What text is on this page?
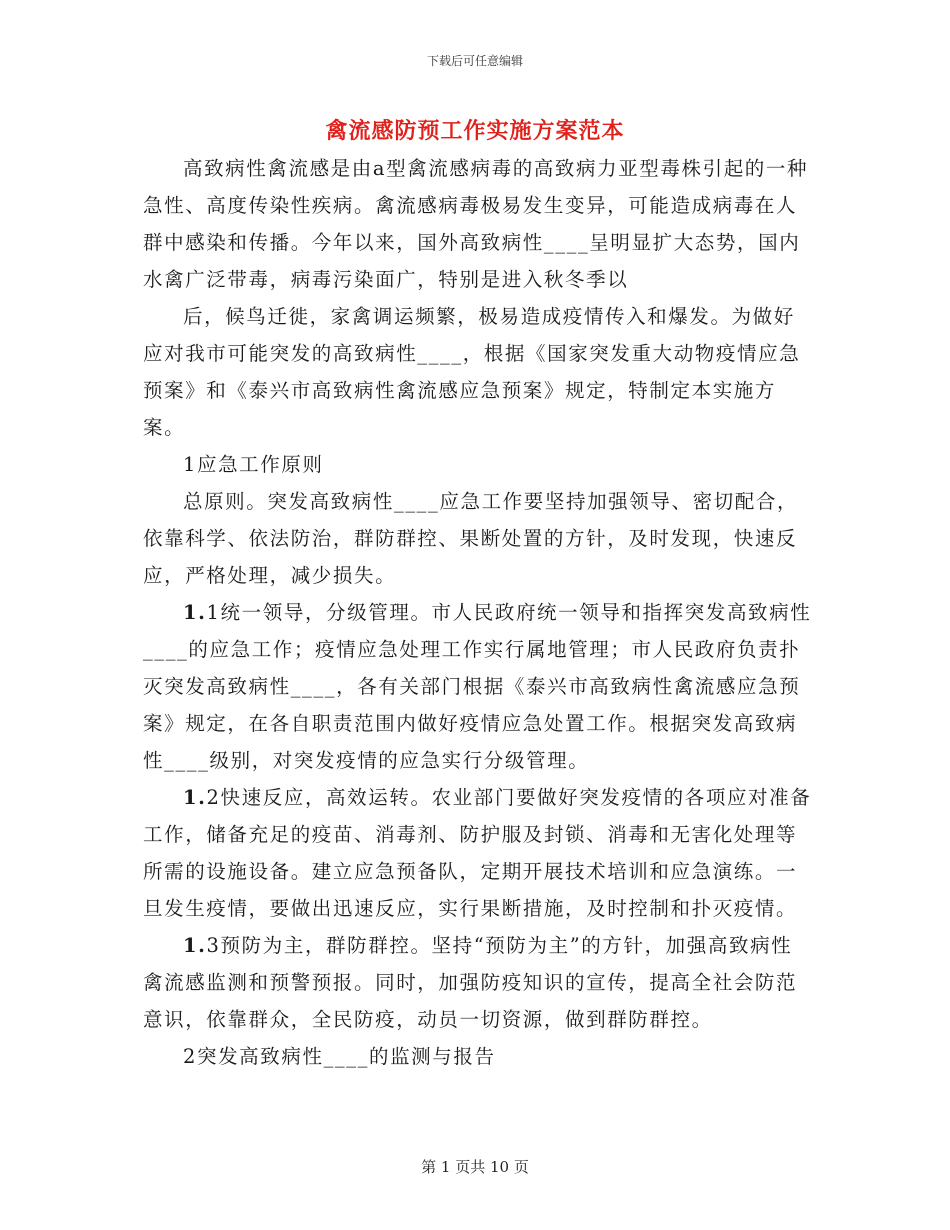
下载后可任意编辑
禽流感防预工作实施方案范本

高致病性禽流感是由a型禽流感病毒的高致病力亚型毒株引起的一种急性、高度传染性疾病。禽流感病毒极易发生变异，可能造成病毒在人群中感染和传播。今年以来，国外高致病性____呈明显扩大态势，国内水禽广泛带毒，病毒污染面广，特别是进入秋冬季以

后，候鸟迁徙，家禽调运频繁，极易造成疫情传入和爆发。为做好应对我市可能突发的高致病性____，根据《国家突发重大动物疫情应急预案》和《泰兴市高致病性禽流感应急预案》规定，特制定本实施方案。

1应急工作原则

总原则。突发高致病性____应急工作要坚持加强领导、密切配合，依靠科学、依法防治，群防群控、果断处置的方针，及时发现，快速反应，严格处理，减少损失。

1.1统一领导，分级管理。市人民政府统一领导和指挥突发高致病性____的应急工作；疫情应急处理工作实行属地管理；市人民政府负责扑灭突发高致病性____，各有关部门根据《泰兴市高致病性禽流感应急预案》规定，在各自职责范围内做好疫情应急处置工作。根据突发高致病性____级别，对突发疫情的应急实行分级管理。

1.2快速反应，高效运转。农业部门要做好突发疫情的各项应对准备工作，储备充足的疫苗、消毒剂、防护服及封锁、消毒和无害化处理等所需的设施设备。建立应急预备队，定期开展技术培训和应急演练。一旦发生疫情，要做出迅速反应，实行果断措施，及时控制和扑灭疫情。

1.3预防为主，群防群控。坚持“预防为主”的方针，加强高致病性禽流感监测和预警预报。同时，加强防疫知识的宣传，提高全社会防范意识，依靠群众，全民防疫，动员一切资源，做到群防群控。

2突发高致病性____的监测与报告

第 1 页共 10 页
